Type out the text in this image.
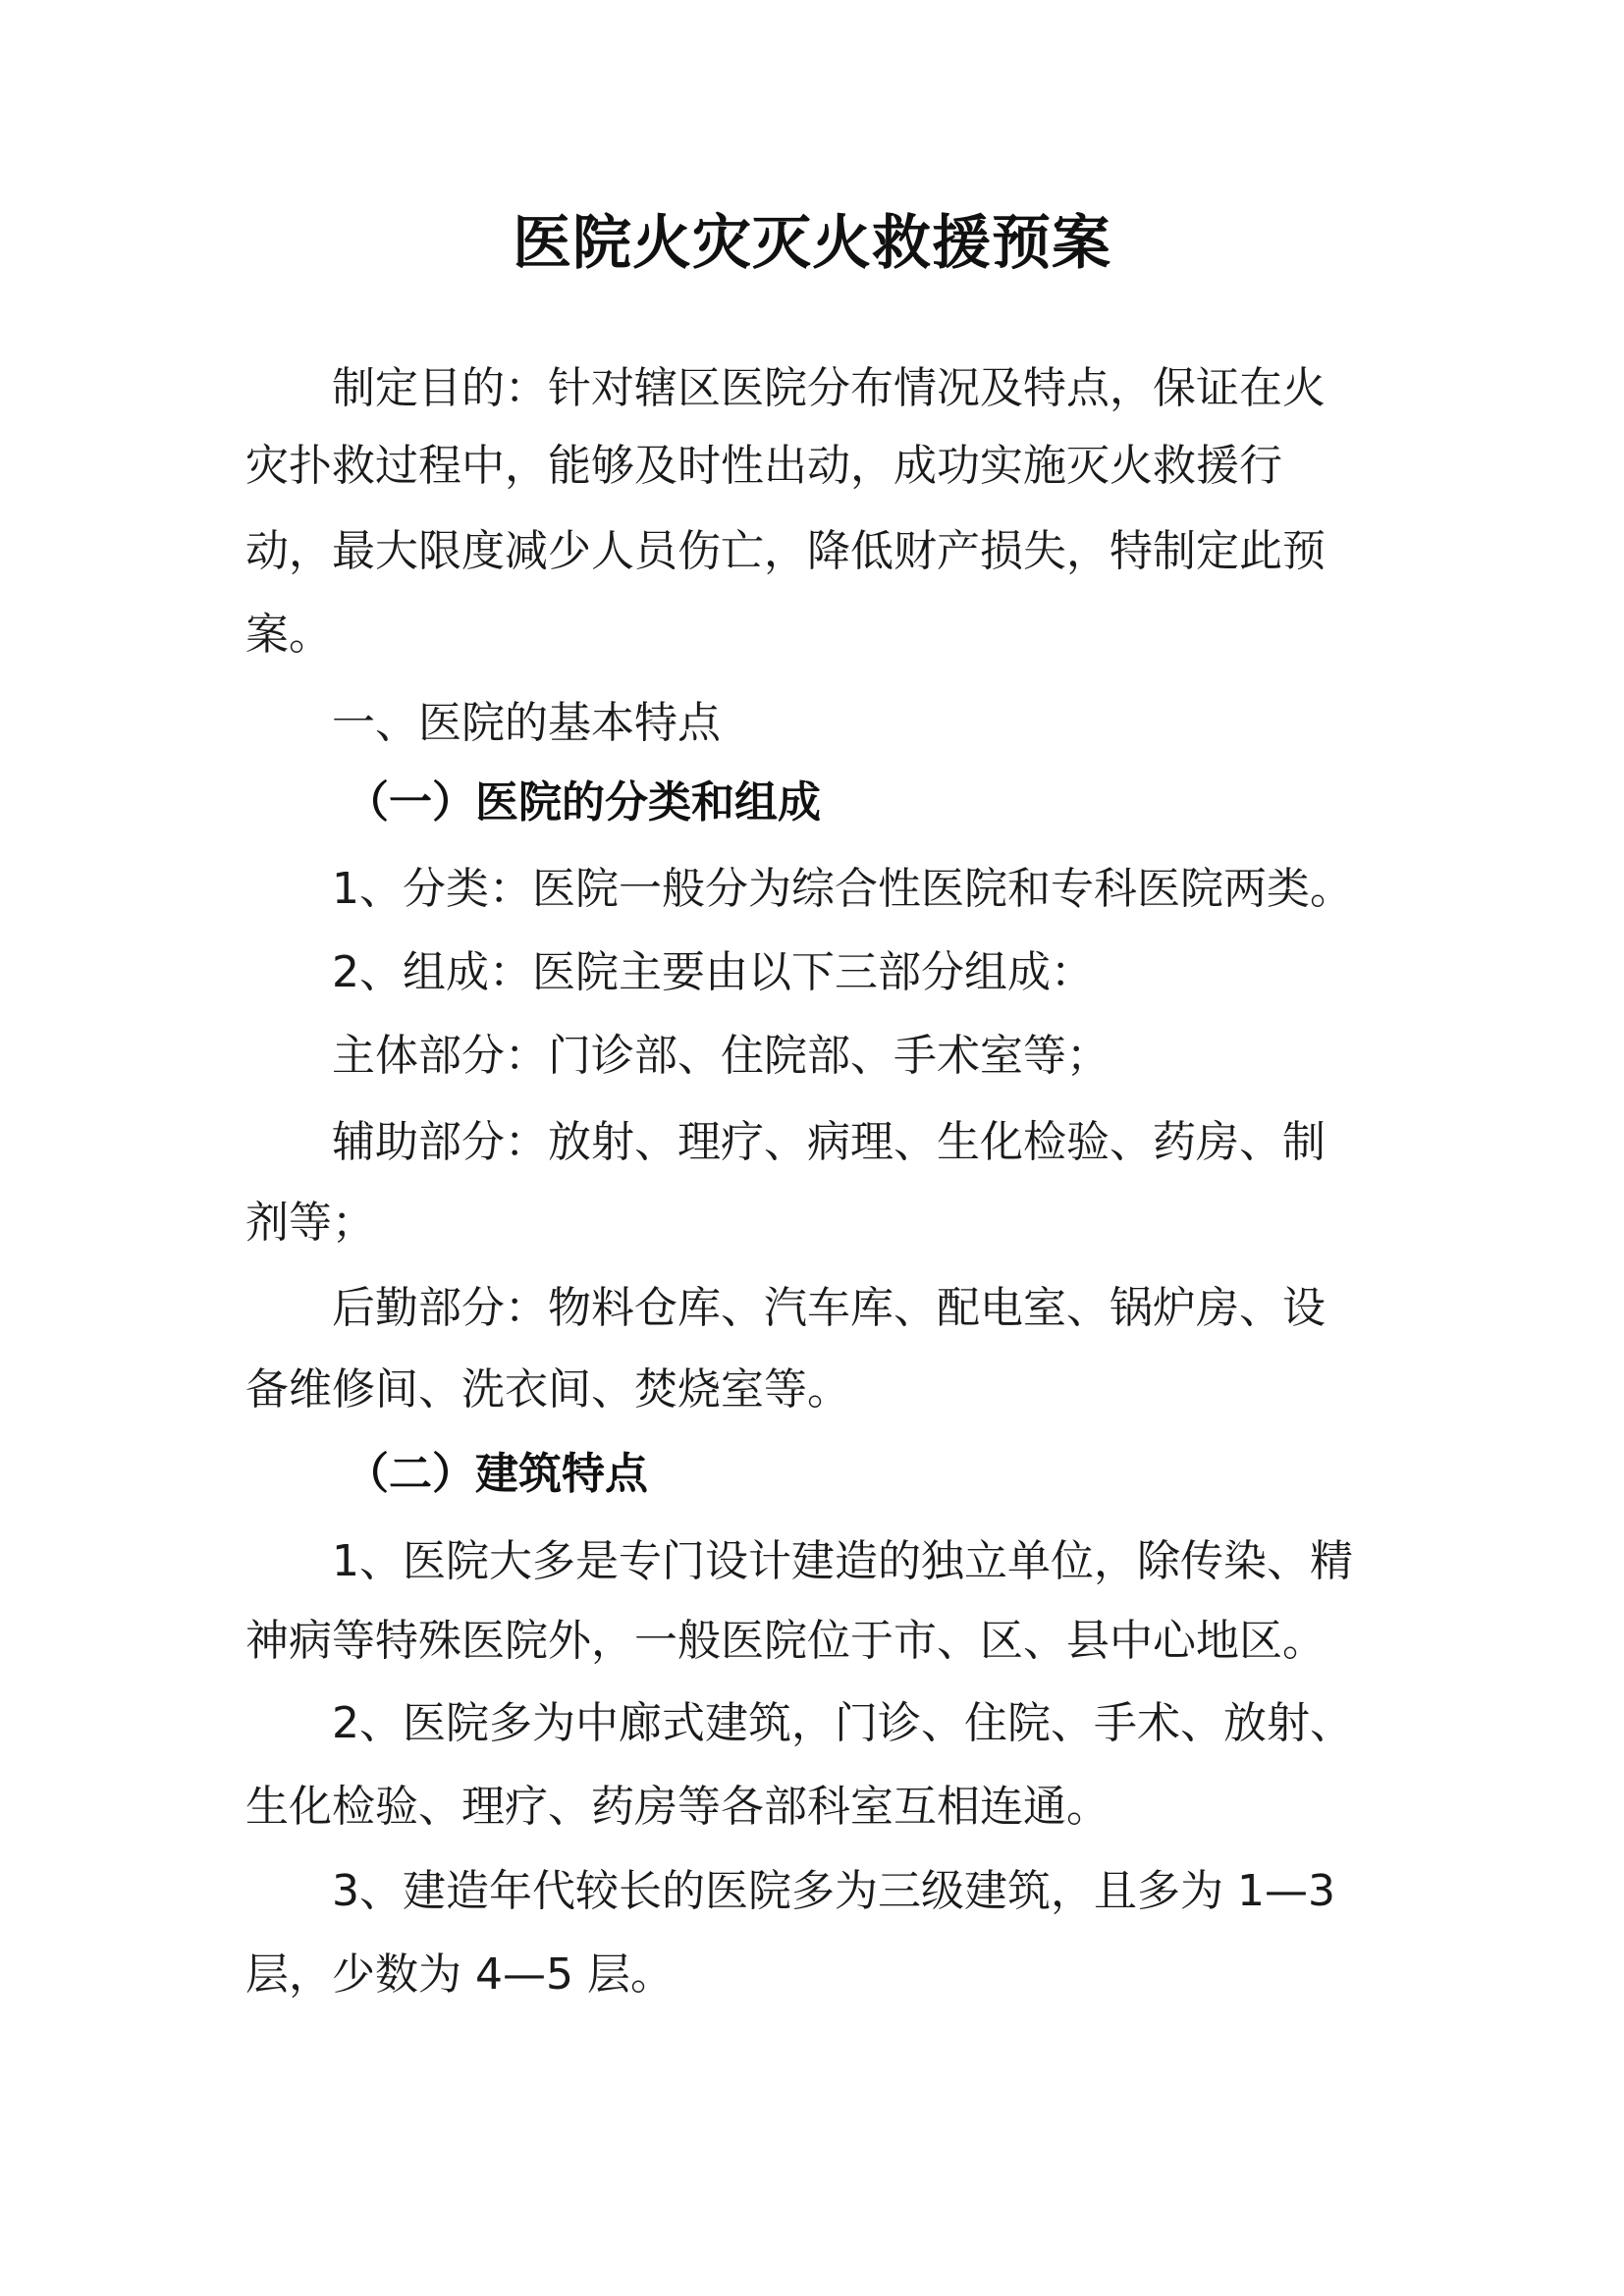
医院火灾灭火救援预案
制定目的：针对辖区医院分布情况及特点，保证在火
灾扑救过程中，能够及时性出动，成功实施灭火救援行
动，最大限度减少人员伤亡，降低财产损失，特制定此预
案。
一、医院的基本特点
（一）医院的分类和组成
1、分类：医院一般分为综合性医院和专科医院两类。
2、组成：医院主要由以下三部分组成：
主体部分：门诊部、住院部、手术室等；
辅助部分：放射、理疗、病理、生化检验、药房、制
剂等；
后勤部分：物料仓库、汽车库、配电室、锅炉房、设
备维修间、洗衣间、焚烧室等。
（二）建筑特点
1、医院大多是专门设计建造的独立单位，除传染、精
神病等特殊医院外，一般医院位于市、区、县中心地区。
2、医院多为中廊式建筑，门诊、住院、手术、放射、
生化检验、理疗、药房等各部科室互相连通。
3、建造年代较长的医院多为三级建筑，且多为 1—3
层，少数为 4—5 层。
